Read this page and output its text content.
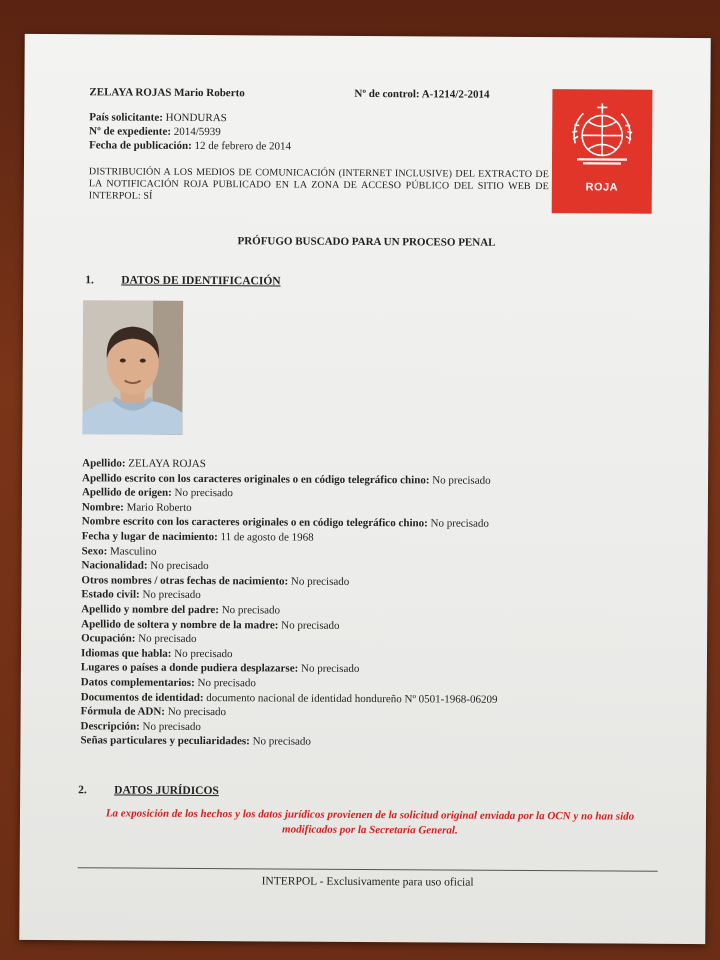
ZELAYA ROJAS Mario Roberto	Nº de control: A-1214/2-2014
País solicitante: HONDURAS
Nº de expediente: 2014/5939
Fecha de publicación: 12 de febrero de 2014
DISTRIBUCIÓN A LOS MEDIOS DE COMUNICACIÓN (INTERNET INCLUSIVE) DEL EXTRACTO DE LA NOTIFICACIÓN ROJA PUBLICADO EN LA ZONA DE ACCESO PÚBLICO DEL SITIO WEB DE INTERPOL: SÍ
ROJA
PRÓFUGO BUSCADO PARA UN PROCESO PENAL
1. DATOS DE IDENTIFICACIÓN
Apellido: ZELAYA ROJAS
Apellido escrito con los caracteres originales o en código telegráfico chino: No precisado
Apellido de origen: No precisado
Nombre: Mario Roberto
Nombre escrito con los caracteres originales o en código telegráfico chino: No precisado
Fecha y lugar de nacimiento: 11 de agosto de 1968
Sexo: Masculino
Nacionalidad: No precisado
Otros nombres / otras fechas de nacimiento: No precisado
Estado civil: No precisado
Apellido y nombre del padre: No precisado
Apellido de soltera y nombre de la madre: No precisado
Ocupación: No precisado
Idiomas que habla: No precisado
Lugares o países a donde pudiera desplazarse: No precisado
Datos complementarios: No precisado
Documentos de identidad: documento nacional de identidad hondureño Nº 0501-1968-06209
Fórmula de ADN: No precisado
Descripción: No precisado
Señas particulares y peculiaridades: No precisado
2. DATOS JURÍDICOS
La exposición de los hechos y los datos jurídicos provienen de la solicitud original enviada por la OCN y no han sido modificados por la Secretaría General.
INTERPOL - Exclusivamente para uso oficial
